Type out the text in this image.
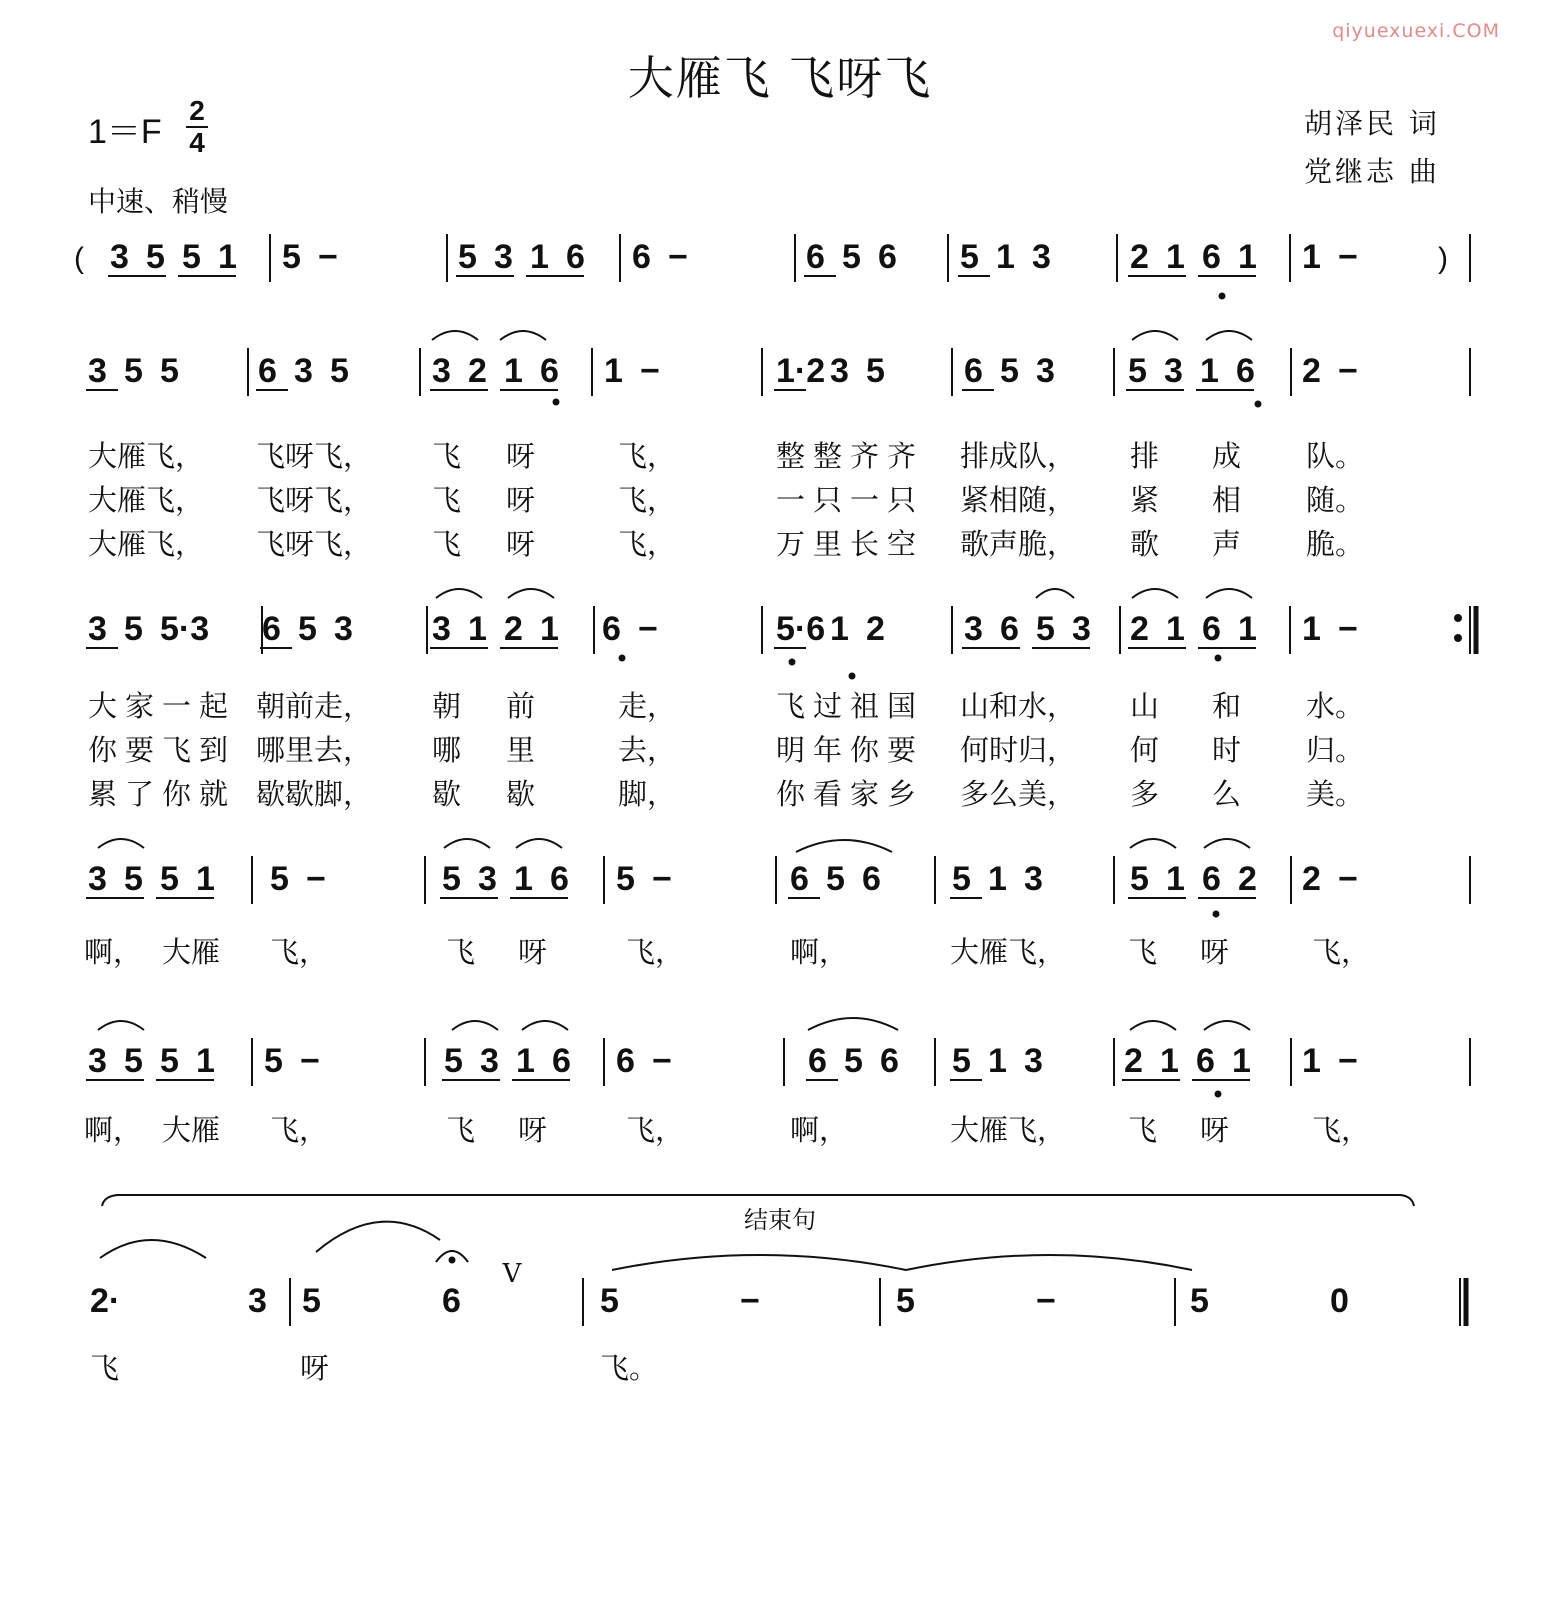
大雁飞 飞呀飞
qiyuexuexi.COM
1＝F
2
4
中速、稍慢
胡泽民 词
党继志 曲
大雁飞， 飞呀飞， 飞 呀	飞，	整整齐齐 排成队， 排 成 队。
大雁飞， 飞呀飞， 飞 呀	飞，	一只一只 紧相随， 紧 相 随。
大雁飞， 飞呀飞， 飞 呀	飞，	万里长空 歌声脆， 歌 声 脆。
大家一起 朝前走， 朝 前	走，	飞过祖国 山和水， 山 和 水。
你要飞到 哪里去， 哪 里	去，	明年你要 何时归， 何 时 归。
累了你就 歇歇脚， 歇 歇	脚，	你看家乡 多么美， 多 么 美。
啊， 大雁 飞，	飞 呀	飞，	啊，	大雁飞， 飞 呀	飞，
啊， 大雁 飞，	飞 呀	飞，	啊，	大雁飞， 飞 呀	飞，
飞	呀	飞。
3 5 5 1 5 −	5 3 1 6 6 −	6 5 6 5 1 3 2 1 6 1 1 −
3 5 5 6 3 5 3 2 1 6 1 −	1·2 3 5 6 5 3 5 3 1 6 2 −
3 5 5·3 6 5 3 3 1 2 1 6 −	5·6 1 2 3 6 5 3 2 1 6 1 1 −
3 5 5 1 5 −	5 3 1 6 5 −	6 5 6 5 1 3	5 1 6 2 2 −
3 5 5 1 5 −	5 3 1 6 6 −	6 5 6 5 1 3 2 1 6 1 1 −
2·	3 5	6	5	−	5	−	5	0
(	)
结束句
V
